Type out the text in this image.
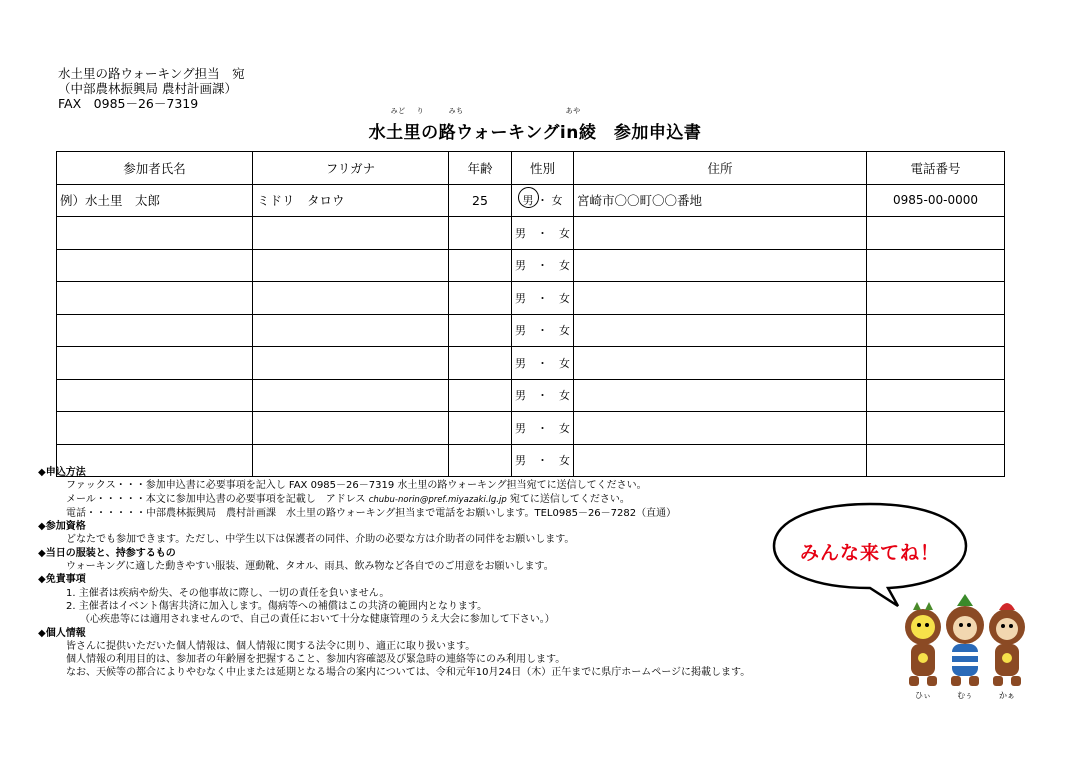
水土里の路ウォーキング担当　宛
（中部農林振興局 農村計画課）
FAX　0985－26－7319	みど り	みち	あや
水土里の路ウォーキングin綾　参加申込書
参加者氏名	フリガナ	年齢	性別	住所	電話番号
例）水土里　太郎	ミドリ　タロウ	25	男 ・ 女	宮崎市〇〇町〇〇番地	0985-00-0000
			男　・　女		
			男　・　女		
			男　・　女		
			男　・　女		
			男　・　女		
			男　・　女		
			男　・　女		
			男　・　女		
◆申込方法
ファックス・・・参加申込書に必要事項を記入し FAX 0985－26－7319 水土里の路ウォーキング担当宛てに送信してください。
メール・・・・・本文に参加申込書の必要事項を記載し　アドレス chubu-norin@pref.miyazaki.lg.jp 宛てに送信してください。
電話・・・・・・中部農林振興局　農村計画課　水土里の路ウォーキング担当まで電話をお願いします。TEL0985－26－7282（直通）
◆参加資格
どなたでも参加できます。ただし、中学生以下は保護者の同伴、介助の必要な方は介助者の同伴をお願いします。
◆当日の服装と、持参するもの
ウォーキングに適した動きやすい服装、運動靴、タオル、雨具、飲み物など各自でのご用意をお願いします。
◆免責事項
1. 主催者は疾病や紛失、その他事故に際し、一切の責任を負いません。
2. 主催者はイベント傷害共済に加入します。傷病等への補償はこの共済の範囲内となります。
（心疾患等には適用されませんので、自己の責任において十分な健康管理のうえ大会に参加して下さい。）
◆個人情報
皆さんに提供いただいた個人情報は、個人情報に関する法令に則り、適正に取り扱います。
個人情報の利用目的は、参加者の年齢層を把握すること、参加内容確認及び緊急時の連絡等にのみ利用します。
なお、天候等の都合によりやむなく中止または延期となる場合の案内については、令和元年10月24日（木）正午までに県庁ホームページに掲載します。
みんな来てね！
ひぃ	むぅ	かぁ
